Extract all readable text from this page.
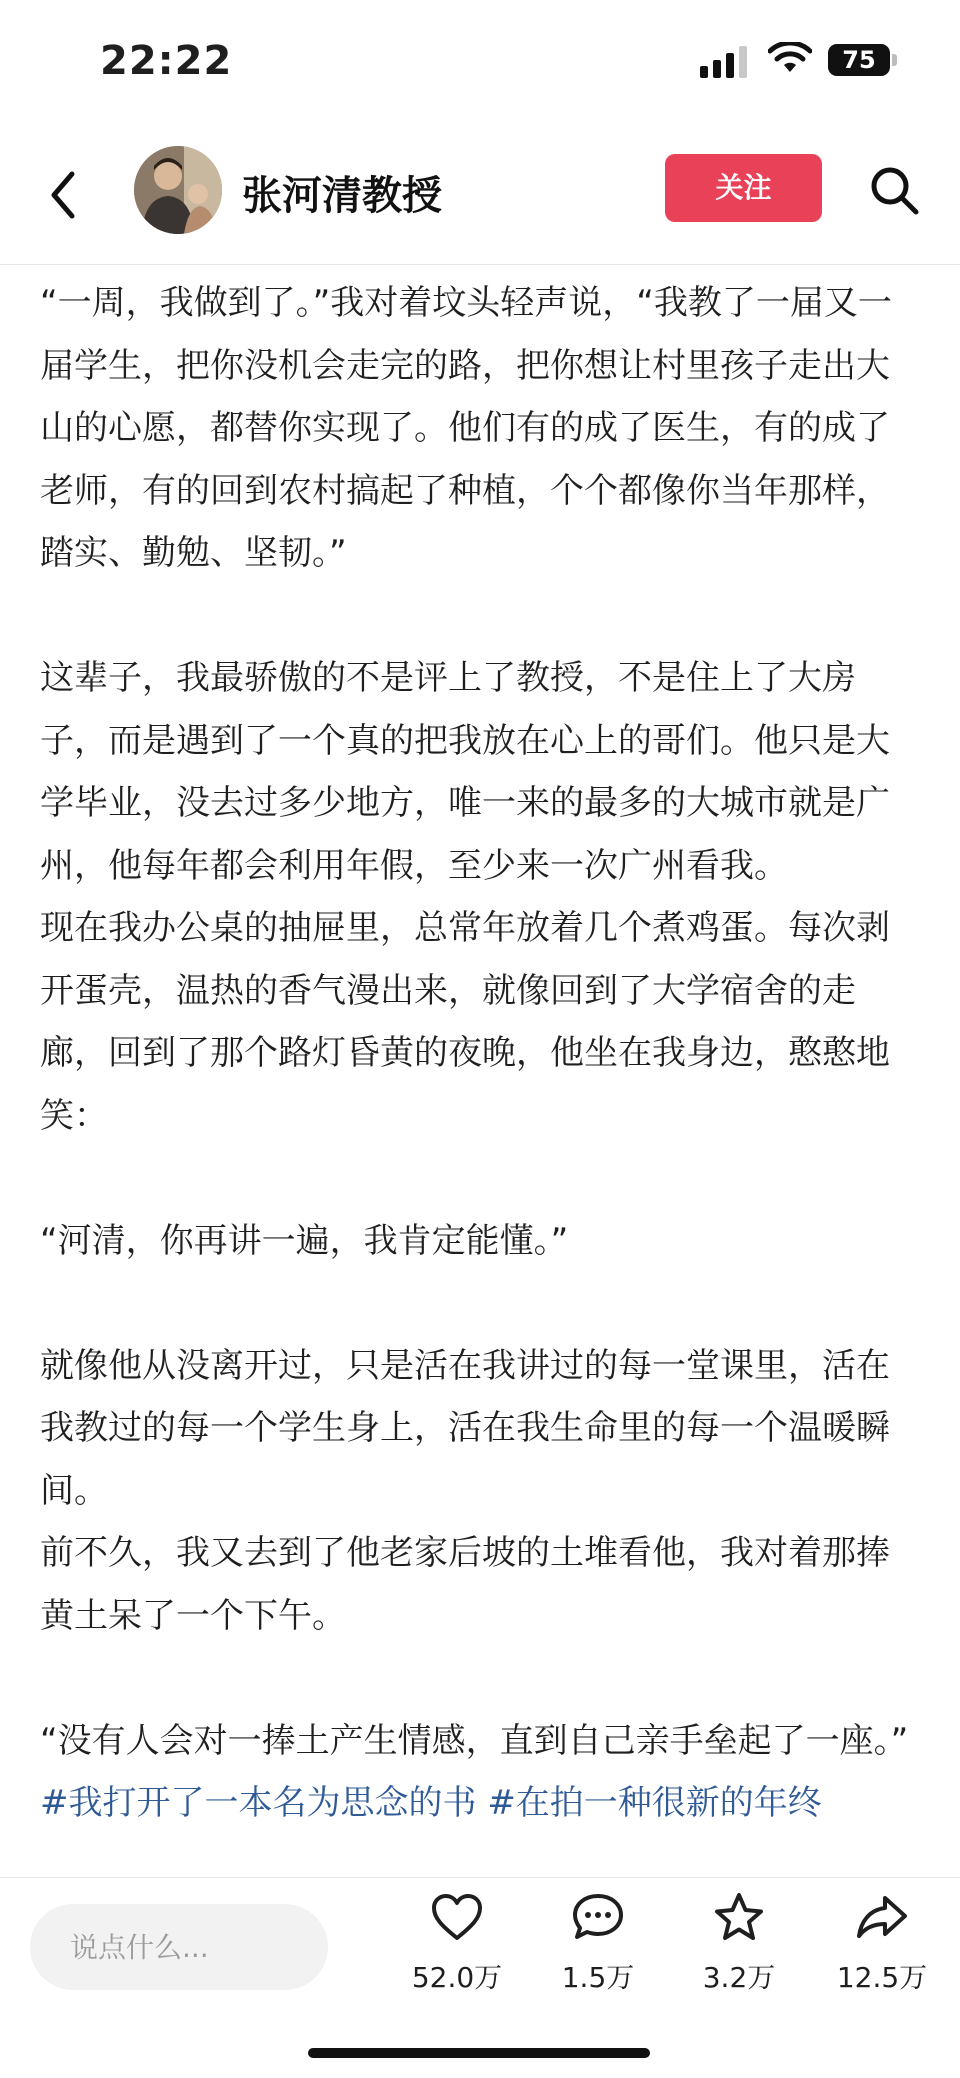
22:22	75
张河清教授	关注

“一周，我做到了。”我对着坟头轻声说，“我教了一届又一届学生，把你没机会走完的路，把你想让村里孩子走出大山的心愿，都替你实现了。他们有的成了医生，有的成了老师，有的回到农村搞起了种植，个个都像你当年那样，踏实、勤勉、坚韧。”

这辈子，我最骄傲的不是评上了教授，不是住上了大房子，而是遇到了一个真的把我放在心上的哥们。他只是大学毕业，没去过多少地方，唯一来的最多的大城市就是广州，他每年都会利用年假，至少来一次广州看我。

现在我办公桌的抽屉里，总常年放着几个煮鸡蛋。每次剥开蛋壳，温热的香气漫出来，就像回到了大学宿舍的走廊，回到了那个路灯昏黄的夜晚，他坐在我身边，憨憨地笑：

“河清，你再讲一遍，我肯定能懂。”

就像他从没离开过，只是活在我讲过的每一堂课里，活在我教过的每一个学生身上，活在我生命里的每一个温暖瞬间。

前不久，我又去到了他老家后坡的土堆看他，我对着那捧黄土呆了一个下午。

“没有人会对一捧土产生情感，直到自己亲手垒起了一座。”

#我打开了一本名为思念的书 #在拍一种很新的年终

说点什么...
52.0万	1.5万	3.2万	12.5万
